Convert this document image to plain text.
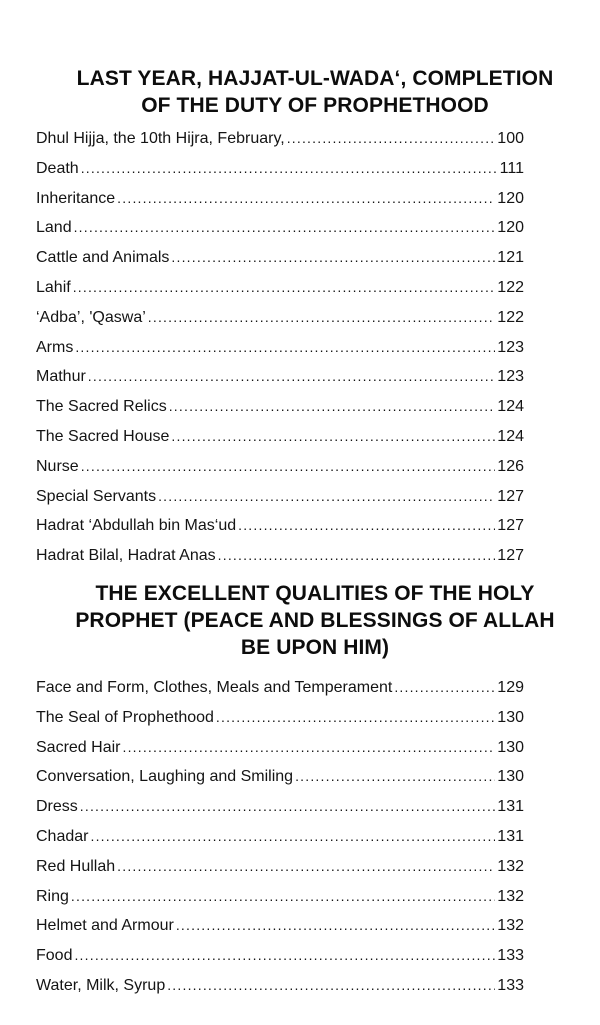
LAST YEAR, HAJJAT-UL-WADA‘, COMPLETION
OF THE DUTY OF PROPHETHOOD
Dhul Hijja, the 10th Hijra, February, .....	100
Death .....	111
Inheritance .....	120
Land .....	120
Cattle and Animals .....	121
Lahif .....	122
‘Adba’, 'Qaswa’ .....	122
Arms .....	123
Mathur .....	123
The Sacred Relics .....	124
The Sacred House .....	124
Nurse .....	126
Special Servants .....	127
Hadrat ‘Abdullah bin Mas‘ud .....	127
Hadrat Bilal, Hadrat Anas .....	127
THE EXCELLENT QUALITIES OF THE HOLY
PROPHET (PEACE AND BLESSINGS OF ALLAH
BE UPON HIM)
Face and Form, Clothes, Meals and Temperament .....	129
The Seal of Prophethood .....	130
Sacred Hair .....	130
Conversation, Laughing and Smiling .....	130
Dress .....	131
Chadar .....	131
Red Hullah .....	132
Ring .....	132
Helmet and Armour .....	132
Food .....	133
Water, Milk, Syrup .....	133
